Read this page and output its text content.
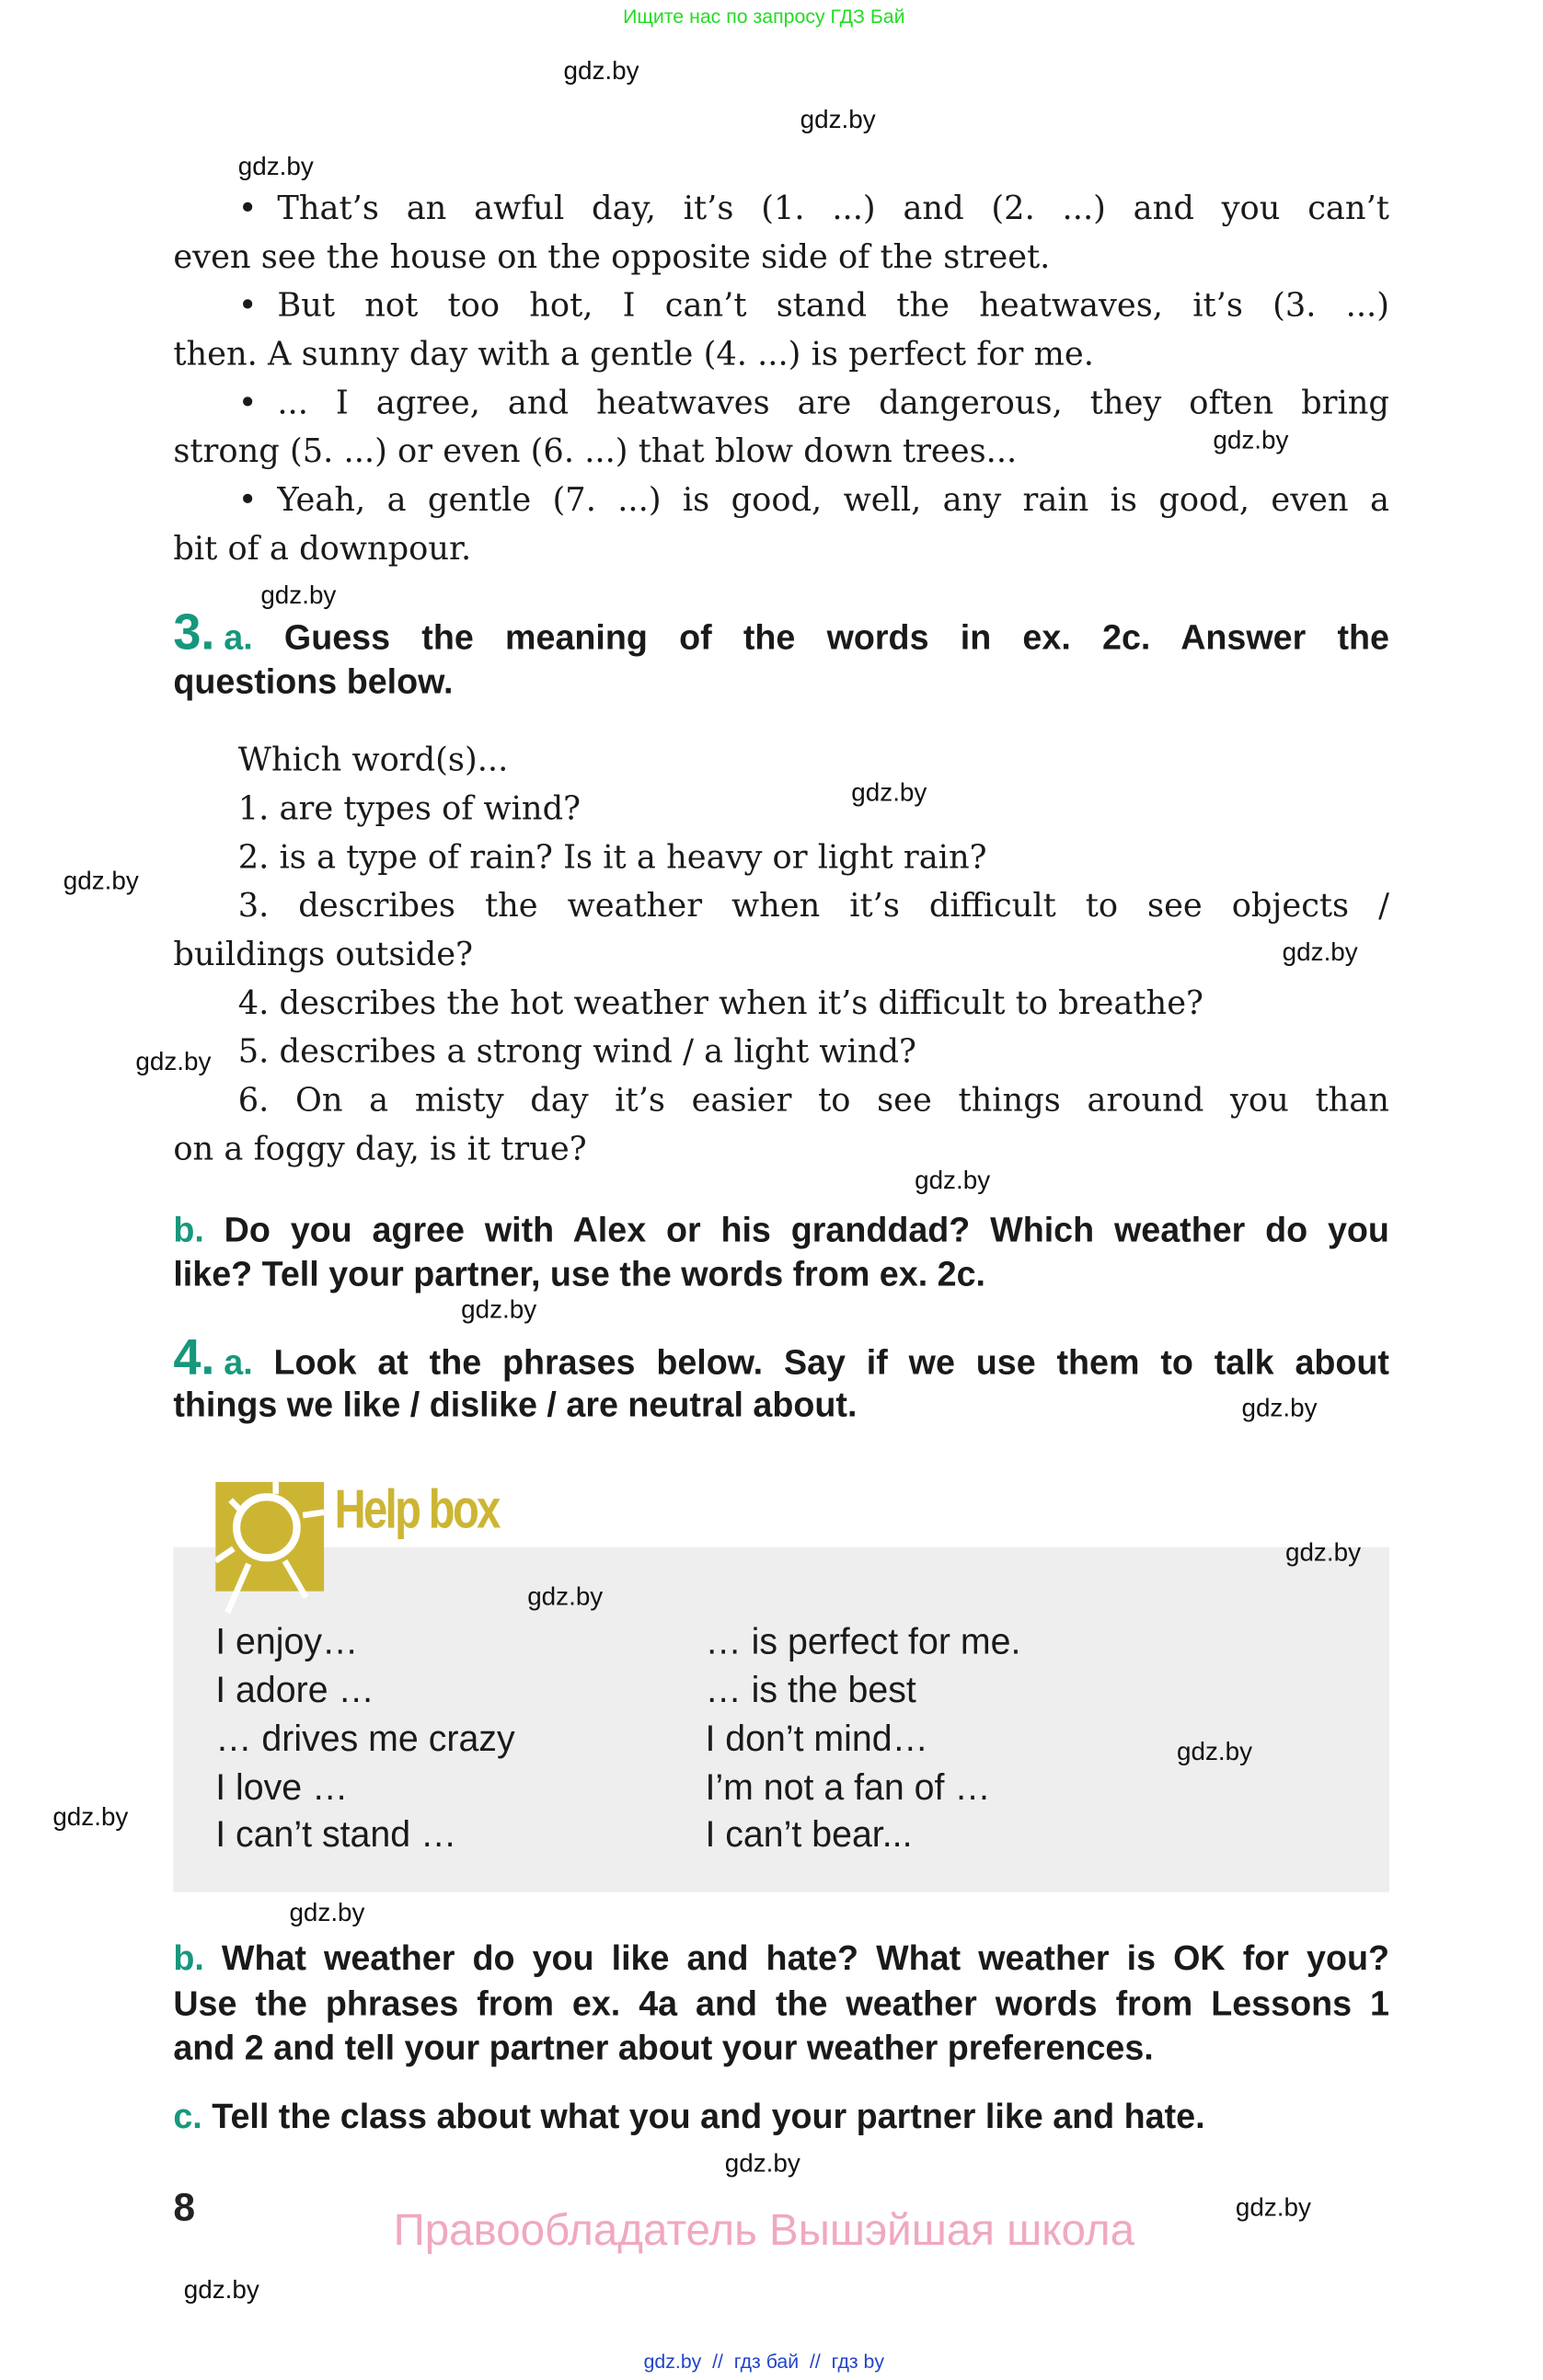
Ищите нас по запросу ГДЗ Бай
gdz.by
gdz.by
gdz.by
gdz.by
gdz.by
gdz.by
gdz.by
gdz.by
gdz.by
gdz.by
gdz.by
gdz.by
• That’s an awful day, it’s (1. ...) and (2. ...) and you can’t
even see the house on the opposite side of the street.
• But not too hot, I can’t stand the heatwaves, it’s (3. ...)
then. A sunny day with a gentle (4. ...) is perfect for me.
• ... I agree, and heatwaves are dangerous, they often bring
strong (5. ...) or even (6. ...) that blow down trees...
• Yeah, a gentle (7. ...) is good, well, any rain is good, even a
bit of a downpour.
3. a. Guess the meaning of the words in ex. 2c. Answer the
questions below.
Which word(s)...
1. are types of wind?
2. is a type of rain? Is it a heavy or light rain?
3. describes the weather when it’s difficult to see objects /
buildings outside?
4. describes the hot weather when it’s difficult to breathe?
5. describes a strong wind / a light wind?
6. On a misty day it’s easier to see things around you than
on a foggy day, is it true?
b. Do you agree with Alex or his granddad? Which weather do you
like? Tell your partner, use the words from ex. 2c.
4. a. Look at the phrases below. Say if we use them to talk about
things we like / dislike / are neutral about.
Help box
gdz.by
gdz.by
gdz.by
gdz.by
I enjoy…
I adore …
… drives me crazy
I love …
I can’t stand …
… is perfect for me.
… is the best
I don’t mind…
I’m not a fan of …
I can’t bear...
gdz.by
b. What weather do you like and hate? What weather is OK for you?
Use the phrases from ex. 4a and the weather words from Lessons 1
and 2 and tell your partner about your weather preferences.
c. Tell the class about what you and your partner like and hate.
gdz.by
gdz.by
gdz.by
8	Правообладатель Вышэйшая школа
gdz.by  //  гдз бай  //  гдз by
